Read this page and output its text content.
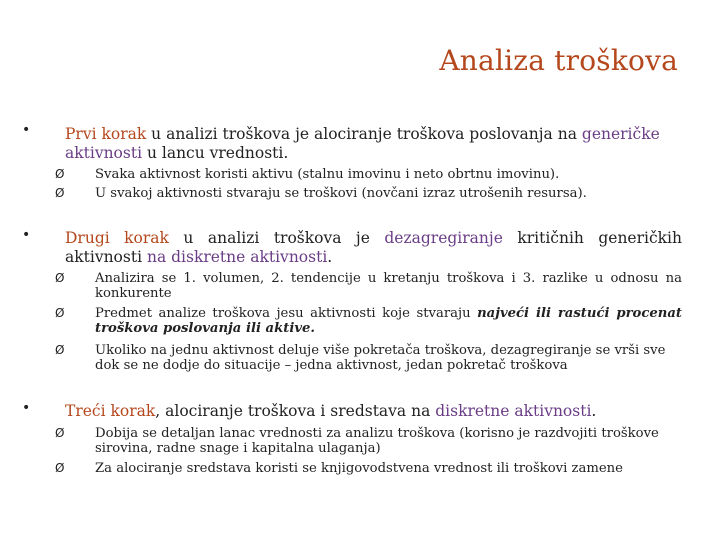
Analiza troškova
• Prvi korak u analizi troškova je alociranje troškova poslovanja na generičke aktivnosti u lancu vrednosti.
Ø Svaka aktivnost koristi aktivu (stalnu imovinu i neto obrtnu imovinu).
Ø U svakoj aktivnosti stvaraju se troškovi (novčani izraz utrošenih resursa).
• Drugi korak u analizi troškova je dezagregiranje kritičnih generičkih aktivnosti na diskretne aktivnosti.
Ø Analizira se 1. volumen, 2. tendencije u kretanju troškova i 3. razlike u odnosu na konkurente
Ø Predmet analize troškova jesu aktivnosti koje stvaraju najveći ili rastući procenat troškova poslovanja ili aktive.
Ø Ukoliko na jednu aktivnost deluje više pokretača troškova, dezagregiranje se vrši sve dok se ne dodje do situacije – jedna aktivnost, jedan pokretač troškova
• Treći korak, alociranje troškova i sredstava na diskretne aktivnosti.
Ø Dobija se detaljan lanac vrednosti za analizu troškova (korisno je razdvojiti troškove sirovina, radne snage i kapitalna ulaganja)
Ø Za alociranje sredstava koristi se knjigovodstvena vrednost ili troškovi zamene
